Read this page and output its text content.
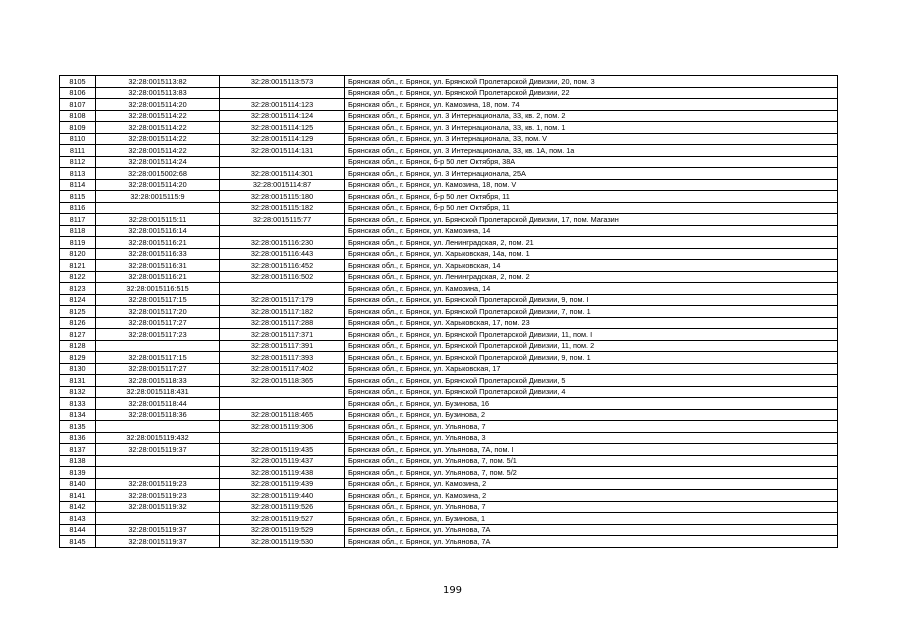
8105	32:28:0015113:82	32:28:0015113:573	Брянская обл., г. Брянск, ул. Брянской Пролетарской Дивизии, 20, пом. 3
8106	32:28:0015113:83		Брянская обл., г. Брянск, ул. Брянской Пролетарской Дивизии, 22
8107	32:28:0015114:20	32:28:0015114:123	Брянская обл., г. Брянск, ул. Камозина, 18, пом. 74
8108	32:28:0015114:22	32:28:0015114:124	Брянская обл., г. Брянск, ул. 3 Интернационала, 33, кв. 2, пом. 2
8109	32:28:0015114:22	32:28:0015114:125	Брянская обл., г. Брянск, ул. 3 Интернационала, 33, кв. 1, пом. 1
8110	32:28:0015114:22	32:28:0015114:129	Брянская обл., г. Брянск, ул. 3 Интернационала, 33, пом. V
8111	32:28:0015114:22	32:28:0015114:131	Брянская обл., г. Брянск, ул. 3 Интернационала, 33, кв. 1А, пом. 1а
8112	32:28:0015114:24		Брянская обл., г. Брянск, б-р 50 лет Октября, 38А
8113	32:28:0015002:68	32:28:0015114:301	Брянская обл., г. Брянск, ул. 3 Интернационала, 25А
8114	32:28:0015114:20	32:28:0015114:87	Брянская обл., г. Брянск, ул. Камозина, 18, пом. V
8115	32:28:0015115:9	32:28:0015115:180	Брянская обл., г. Брянск, б-р 50 лет Октября, 11
8116		32:28:0015115:182	Брянская обл., г. Брянск, б-р 50 лет Октября, 11
8117	32:28:0015115:11	32:28:0015115:77	Брянская обл., г. Брянск, ул. Брянской Пролетарской Дивизии, 17, пом. Магазин
8118	32:28:0015116:14		Брянская обл., г. Брянск, ул. Камозина, 14
8119	32:28:0015116:21	32:28:0015116:230	Брянская обл., г. Брянск, ул. Ленинградская, 2, пом. 21
8120	32:28:0015116:33	32:28:0015116:443	Брянская обл., г. Брянск, ул. Харьковская, 14а, пом. 1
8121	32:28:0015116:31	32:28:0015116:452	Брянская обл., г. Брянск, ул. Харьковская, 14
8122	32:28:0015116:21	32:28:0015116:502	Брянская обл., г. Брянск, ул. Ленинградская, 2, пом. 2
8123	32:28:0015116:515		Брянская обл., г. Брянск, ул. Камозина, 14
8124	32:28:0015117:15	32:28:0015117:179	Брянская обл., г. Брянск, ул. Брянской Пролетарской Дивизии, 9, пом. I
8125	32:28:0015117:20	32:28:0015117:182	Брянская обл., г. Брянск, ул. Брянской Пролетарской Дивизии, 7, пом. 1
8126	32:28:0015117:27	32:28:0015117:288	Брянская обл., г. Брянск, ул. Харьковская, 17, пом. 23
8127	32:28:0015117:23	32:28:0015117:371	Брянская обл., г. Брянск, ул. Брянской Пролетарской Дивизии, 11, пом. I
8128		32:28:0015117:391	Брянская обл., г. Брянск, ул. Брянской Пролетарской Дивизии, 11, пом. 2
8129	32:28:0015117:15	32:28:0015117:393	Брянская обл., г. Брянск, ул. Брянской Пролетарской Дивизии, 9, пом. 1
8130	32:28:0015117:27	32:28:0015117:402	Брянская обл., г. Брянск, ул. Харьковская, 17
8131	32:28:0015118:33	32:28:0015118:365	Брянская обл., г. Брянск, ул. Брянской Пролетарской Дивизии, 5
8132	32:28:0015118:431		Брянская обл., г. Брянск, ул. Брянской Пролетарской Дивизии, 4
8133	32:28:0015118:44		Брянская обл., г. Брянск, ул. Бузинова, 16
8134	32:28:0015118:36	32:28:0015118:465	Брянская обл., г. Брянск, ул. Бузинова, 2
8135		32:28:0015119:306	Брянская обл., г. Брянск, ул. Ульянова, 7
8136	32:28:0015119:432		Брянская обл., г. Брянск, ул. Ульянова, 3
8137	32:28:0015119:37	32:28:0015119:435	Брянская обл., г. Брянск, ул. Ульянова, 7А, пом. I
8138		32:28:0015119:437	Брянская обл., г. Брянск, ул. Ульянова, 7, пом. 5/1
8139		32:28:0015119:438	Брянская обл., г. Брянск, ул. Ульянова, 7, пом. 5/2
8140	32:28:0015119:23	32:28:0015119:439	Брянская обл., г. Брянск, ул. Камозина, 2
8141	32:28:0015119:23	32:28:0015119:440	Брянская обл., г. Брянск, ул. Камозина, 2
8142	32:28:0015119:32	32:28:0015119:526	Брянская обл., г. Брянск, ул. Ульянова, 7
8143		32:28:0015119:527	Брянская обл., г. Брянск, ул. Бузинова, 1
8144	32:28:0015119:37	32:28:0015119:529	Брянская обл., г. Брянск, ул. Ульянова, 7А
8145	32:28:0015119:37	32:28:0015119:530	Брянская обл., г. Брянск, ул. Ульянова, 7А
199
